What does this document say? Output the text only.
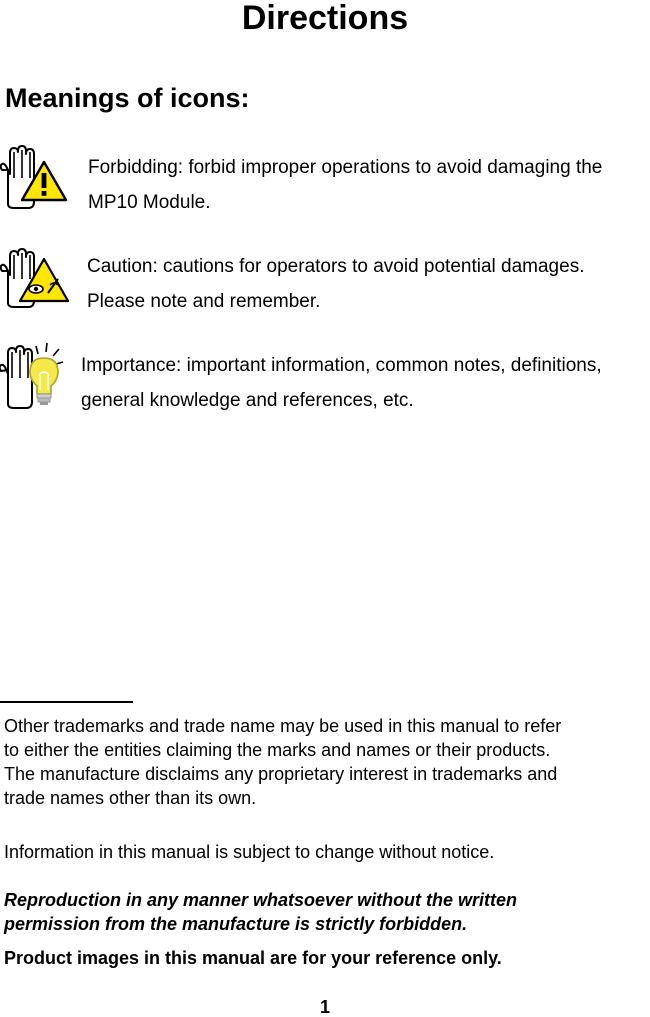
Directions
Meanings of icons:
Forbidding: forbid improper operations to avoid damaging the
MP10 Module.
Caution: cautions for operators to avoid potential damages.
Please note and remember.
Importance: important information, common notes, definitions,
general knowledge and references, etc.
Other trademarks and trade name may be used in this manual to refer
to either the entities claiming the marks and names or their products.
The manufacture disclaims any proprietary interest in trademarks and
trade names other than its own.
Information in this manual is subject to change without notice.
Reproduction in any manner whatsoever without the written
permission from the manufacture is strictly forbidden.
Product images in this manual are for your reference only.
1
